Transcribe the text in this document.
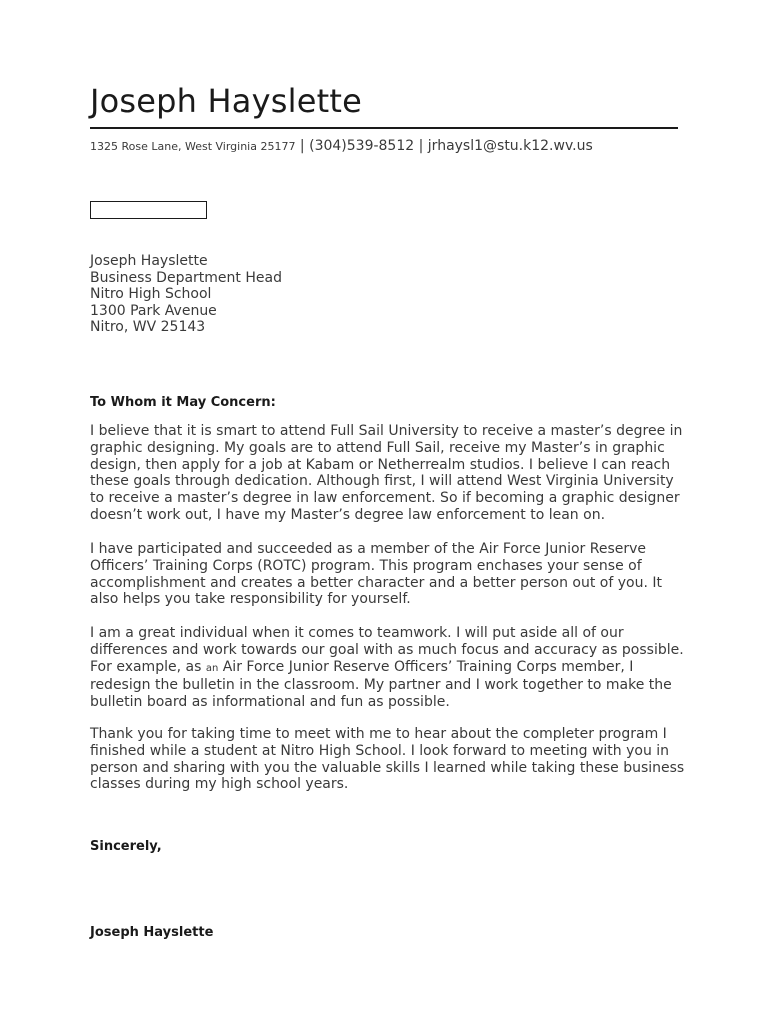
Joseph Hayslette
1325 Rose Lane, West Virginia 25177 | (304)539-8512 | jrhaysl1@stu.k12.wv.us
Joseph Hayslette
Business Department Head
Nitro High School
1300 Park Avenue
Nitro, WV 25143
To Whom it May Concern:

I believe that it is smart to attend Full Sail University to receive a master’s degree in graphic designing. My goals are to attend Full Sail, receive my Master’s in graphic design, then apply for a job at Kabam or Netherrealm studios. I believe I can reach these goals through dedication. Although first, I will attend West Virginia University to receive a master’s degree in law enforcement. So if becoming a graphic designer doesn’t work out, I have my Master’s degree law enforcement to lean on.

I have participated and succeeded as a member of the Air Force Junior Reserve Officers’ Training Corps (ROTC) program. This program enchases your sense of accomplishment and creates a better character and a better person out of you. It also helps you take responsibility for yourself.

I am a great individual when it comes to teamwork. I will put aside all of our differences and work towards our goal with as much focus and accuracy as possible. For example, as an Air Force Junior Reserve Officers’ Training Corps member, I redesign the bulletin in the classroom. My partner and I work together to make the bulletin board as informational and fun as possible.

Thank you for taking time to meet with me to hear about the completer program I finished while a student at Nitro High School. I look forward to meeting with you in person and sharing with you the valuable skills I learned while taking these business classes during my high school years.

Sincerely,
Joseph Hayslette
